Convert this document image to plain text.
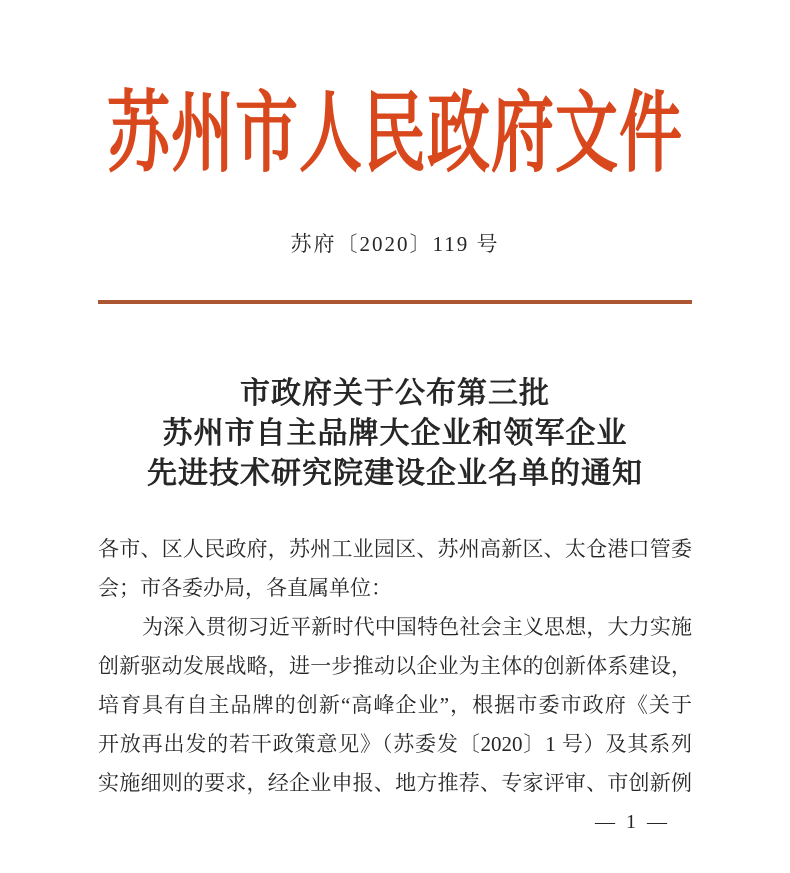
苏州市人民政府文件
苏府〔2020〕119 号
市政府关于公布第三批
苏州市自主品牌大企业和领军企业
先进技术研究院建设企业名单的通知
各市、区人民政府，苏州工业园区、苏州高新区、太仓港口管委
会；市各委办局，各直属单位：
为深入贯彻习近平新时代中国特色社会主义思想，大力实施
创新驱动发展战略，进一步推动以企业为主体的创新体系建设，
培育具有自主品牌的创新“高峰企业”，根据市委市政府《关于
开放再出发的若干政策意见》（苏委发〔2020〕1 号）及其系列
实施细则的要求，经企业申报、地方推荐、专家评审、市创新例
— 1 —
